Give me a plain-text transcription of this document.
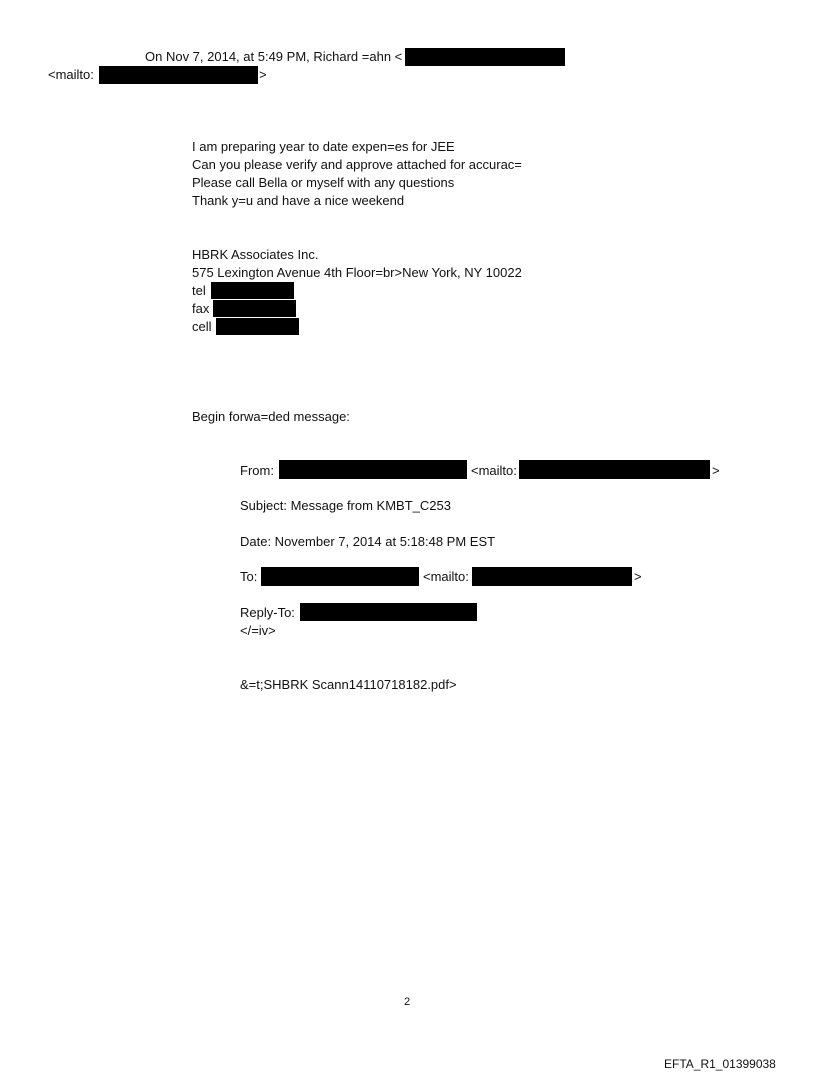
On Nov 7, 2014, at 5:49 PM, Richard =ahn <
<mailto:	>
I am preparing year to date expen=es for JEE
Can you please verify and approve attached for accurac=
Please call Bella or myself with any questions
Thank y=u and have a nice weekend
HBRK Associates Inc.
575 Lexington Avenue 4th Floor=br>New York, NY 10022
tel
fax
cell
Begin forwa=ded message:
From:	<mailto:	>
Subject: Message from KMBT_C253
Date: November 7, 2014 at 5:18:48 PM EST
To:	<mailto:	>
Reply-To:
</=iv>
&=t;SHBRK Scann14110718182.pdf>
2
EFTA_R1_01399038
